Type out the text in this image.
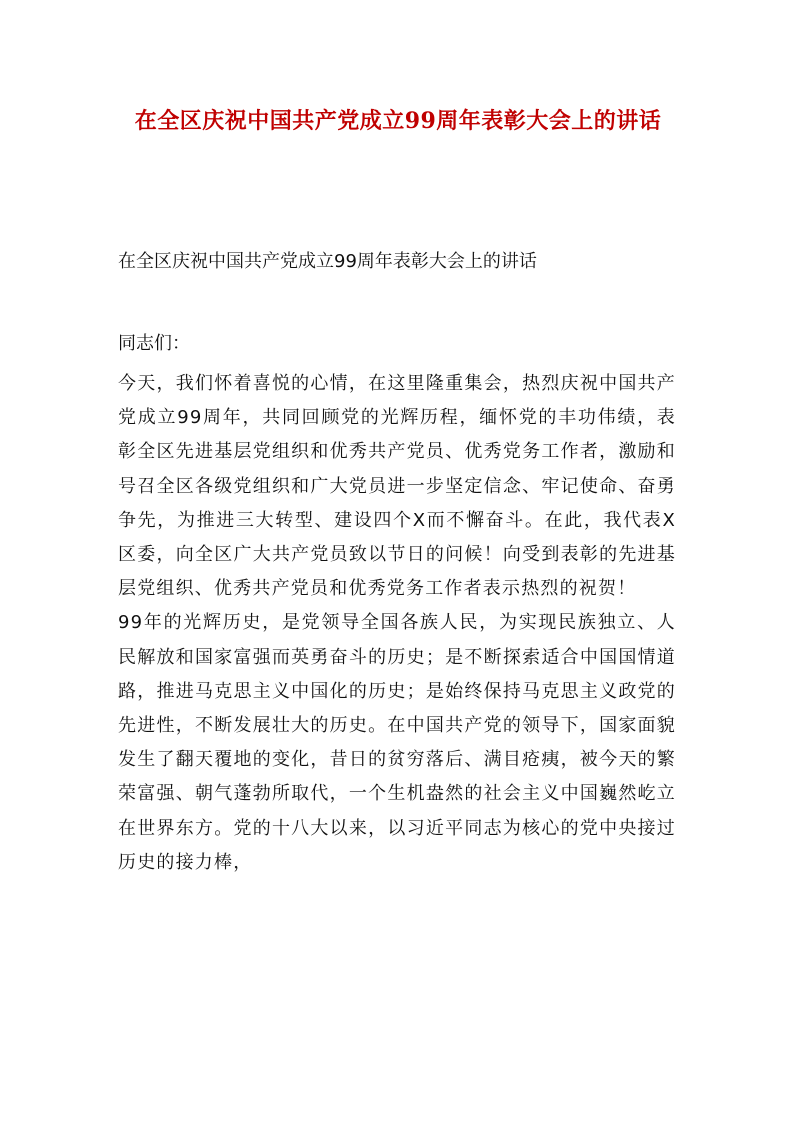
在全区庆祝中国共产党成立99周年表彰大会上的讲话

在全区庆祝中国共产党成立99周年表彰大会上的讲话

同志们：

今天，我们怀着喜悦的心情，在这里隆重集会，热烈庆祝中国共产党成立99周年，共同回顾党的光辉历程，缅怀党的丰功伟绩，表彰全区先进基层党组织和优秀共产党员、优秀党务工作者，激励和号召全区各级党组织和广大党员进一步坚定信念、牢记使命、奋勇争先，为推进三大转型、建设四个X而不懈奋斗。在此，我代表X区委，向全区广大共产党员致以节日的问候！向受到表彰的先进基层党组织、优秀共产党员和优秀党务工作者表示热烈的祝贺！

99年的光辉历史，是党领导全国各族人民，为实现民族独立、人民解放和国家富强而英勇奋斗的历史；是不断探索适合中国国情道路，推进马克思主义中国化的历史；是始终保持马克思主义政党的先进性，不断发展壮大的历史。在中国共产党的领导下，国家面貌发生了翻天覆地的变化，昔日的贫穷落后、满目疮痍，被今天的繁荣富强、朝气蓬勃所取代，一个生机盎然的社会主义中国巍然屹立在世界东方。党的十八大以来，以习近平同志为核心的党中央接过历史的接力棒，
